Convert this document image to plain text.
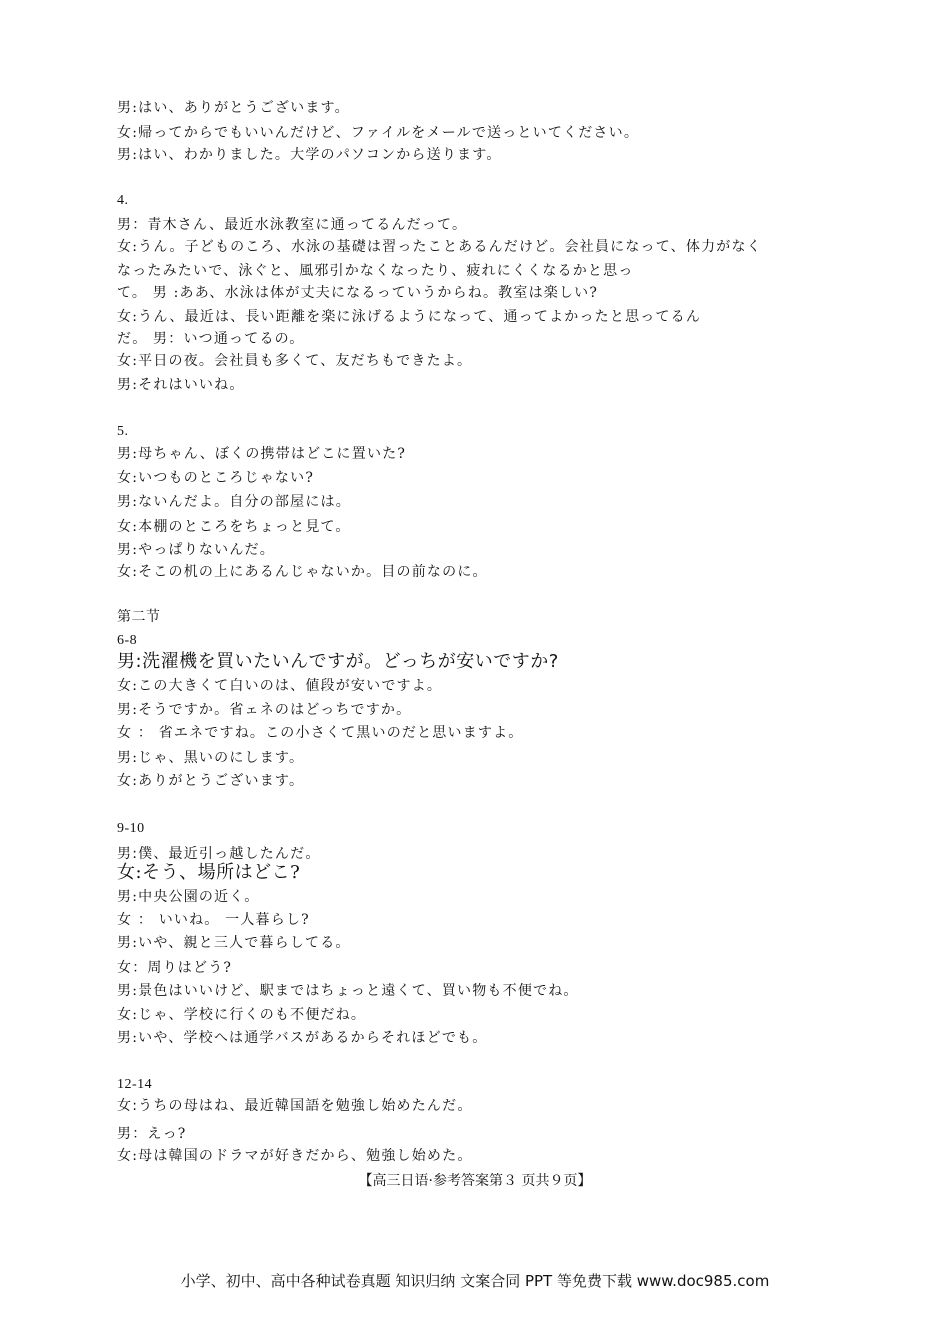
男:はい、ありがとうございます。
女:帰ってからでもいいんだけど、ファイルをメールで送っといてください。
男:はい、わかりました。大学のパソコンから送ります。
4.
男：青木さん、最近水泳教室に通ってるんだって。
女:うん。子どものころ、水泳の基礎は習ったことあるんだけど。会社員になって、体力がなく
なったみたいで、泳ぐと、風邪引かなくなったり、疲れにくくなるかと思っ
て。 男 :ああ、水泳は体が丈夫になるっていうからね。教室は楽しい?
女:うん、最近は、長い距離を楽に泳げるようになって、通ってよかったと思ってるん
だ。 男：いつ通ってるの。
女:平日の夜。会社員も多くて、友だちもできたよ。
男:それはいいね。
5.
男:母ちゃん、ぼくの携帯はどこに置いた?
女:いつものところじゃない?
男:ないんだよ。自分の部屋には。
女:本棚のところをちょっと見て。
男:やっぱりないんだ。
女:そこの机の上にあるんじゃないか。目の前なのに。
第二节
6-8
男:洗濯機を買いたいんですが。どっちが安いですか?
女:この大きくて白いのは、値段が安いですよ。
男:そうですか。省ェネのはどっちですか。
女 ： 省エネですね。この小さくて黒いのだと思いますよ。
男:じゃ、黒いのにします。
女:ありがとうございます。
9-10
男:僕、最近引っ越したんだ。
女:そう、場所はどこ?
男:中央公園の近く。
女 ： いいね。 一人暮らし?
男:いや、親と三人で暮らしてる。
女：周りはどう?
男:景色はいいけど、駅まではちょっと遠くて、買い物も不便でね。
女:じゃ、学校に行くのも不便だね。
男:いや、学校へは通学バスがあるからそれほどでも。
12-14
女:うちの母はね、最近韓国語を勉強し始めたんだ。
男：えっ?
女:母は韓国のドラマが好きだから、勉強し始めた。
【高三日语·参考答案第３ 页共９页】
小学、初中、高中各种试卷真题 知识归纳 文案合同 PPT 等免费下载 www.doc985.com
